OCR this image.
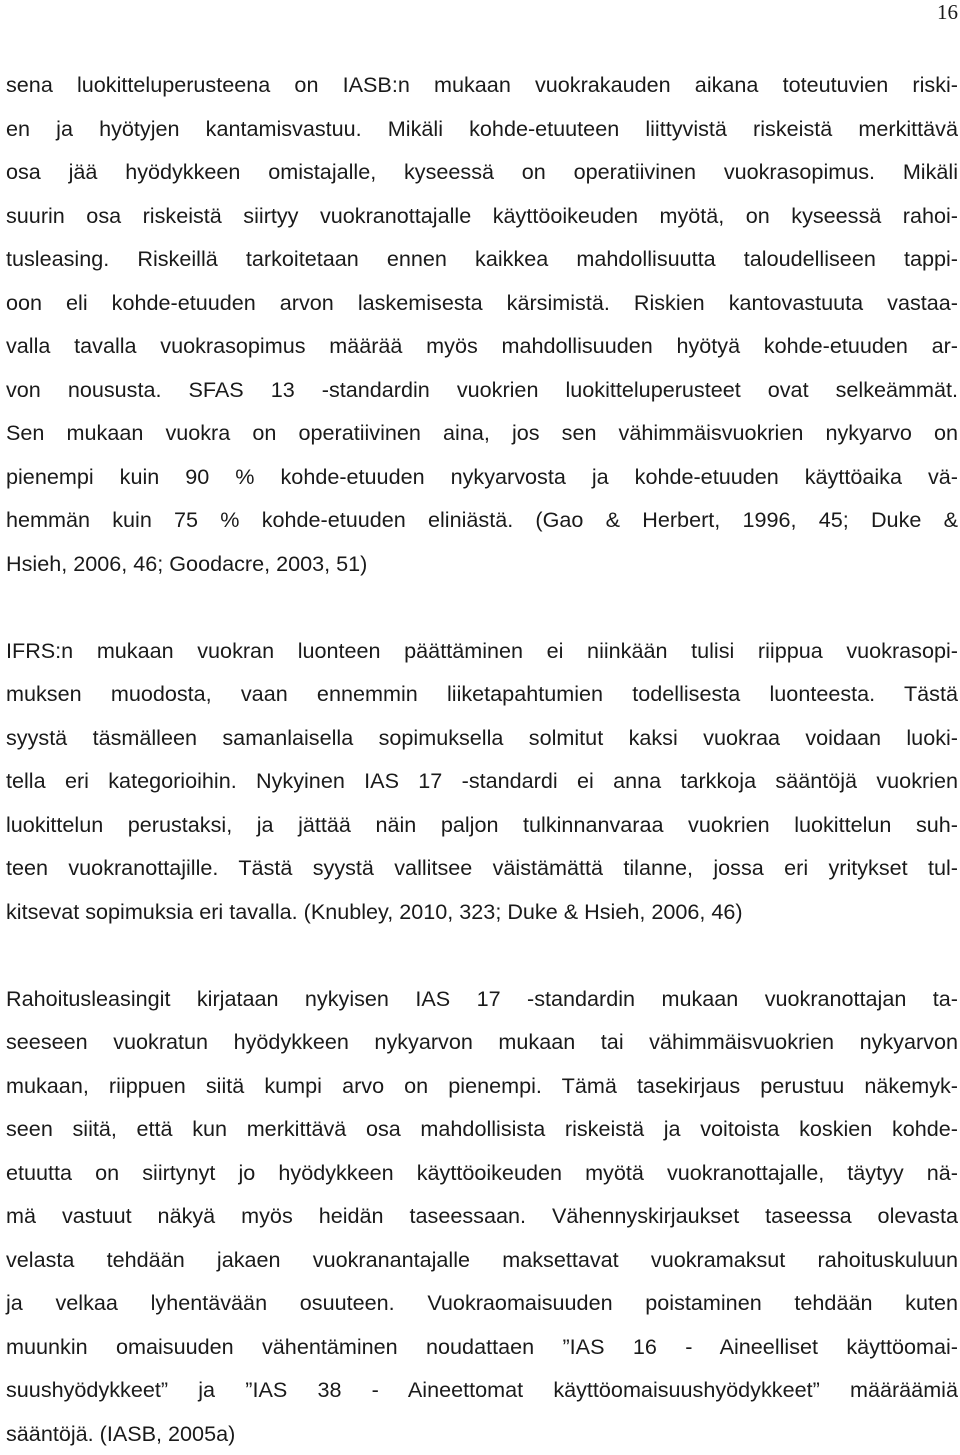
16
sena luokitteluperusteena on IASB:n mukaan vuokrakauden aikana toteutuvien riski-
en ja hyötyjen kantamisvastuu. Mikäli kohde-etuuteen liittyvistä riskeistä merkittävä
osa jää hyödykkeen omistajalle, kyseessä on operatiivinen vuokrasopimus. Mikäli
suurin osa riskeistä siirtyy vuokranottajalle käyttöoikeuden myötä, on kyseessä rahoi-
tusleasing. Riskeillä tarkoitetaan ennen kaikkea mahdollisuutta taloudelliseen tappi-
oon eli kohde-etuuden arvon laskemisesta kärsimistä. Riskien kantovastuuta vastaa-
valla tavalla vuokrasopimus määrää myös mahdollisuuden hyötyä kohde-etuuden ar-
von noususta. SFAS 13 -standardin vuokrien luokitteluperusteet ovat selkeämmät.
Sen mukaan vuokra on operatiivinen aina, jos sen vähimmäisvuokrien nykyarvo on
pienempi kuin 90 % kohde-etuuden nykyarvosta ja kohde-etuuden käyttöaika vä-
hemmän kuin 75 % kohde-etuuden eliniästä. (Gao & Herbert, 1996, 45; Duke &
Hsieh, 2006, 46; Goodacre, 2003, 51)
IFRS:n mukaan vuokran luonteen päättäminen ei niinkään tulisi riippua vuokrasopi-
muksen muodosta, vaan ennemmin liiketapahtumien todellisesta luonteesta. Tästä
syystä täsmälleen samanlaisella sopimuksella solmitut kaksi vuokraa voidaan luoki-
tella eri kategorioihin. Nykyinen IAS 17 -standardi ei anna tarkkoja sääntöjä vuokrien
luokittelun perustaksi, ja jättää näin paljon tulkinnanvaraa vuokrien luokittelun suh-
teen vuokranottajille. Tästä syystä vallitsee väistämättä tilanne, jossa eri yritykset tul-
kitsevat sopimuksia eri tavalla. (Knubley, 2010, 323; Duke & Hsieh, 2006, 46)
Rahoitusleasingit kirjataan nykyisen IAS 17 -standardin mukaan vuokranottajan ta-
seeseen vuokratun hyödykkeen nykyarvon mukaan tai vähimmäisvuokrien nykyarvon
mukaan, riippuen siitä kumpi arvo on pienempi. Tämä tasekirjaus perustuu näkemyk-
seen siitä, että kun merkittävä osa mahdollisista riskeistä ja voitoista koskien kohde-
etuutta on siirtynyt jo hyödykkeen käyttöoikeuden myötä vuokranottajalle, täytyy nä-
mä vastuut näkyä myös heidän taseessaan. Vähennyskirjaukset taseessa olevasta
velasta tehdään jakaen vuokranantajalle maksettavat vuokramaksut rahoituskuluun
ja velkaa lyhentävään osuuteen. Vuokraomaisuuden poistaminen tehdään kuten
muunkin omaisuuden vähentäminen noudattaen ”IAS 16 - Aineelliset käyttöomai-
suushyödykkeet” ja ”IAS 38 - Aineettomat käyttöomaisuushyödykkeet” määräämiä
sääntöjä. (IASB, 2005a)
